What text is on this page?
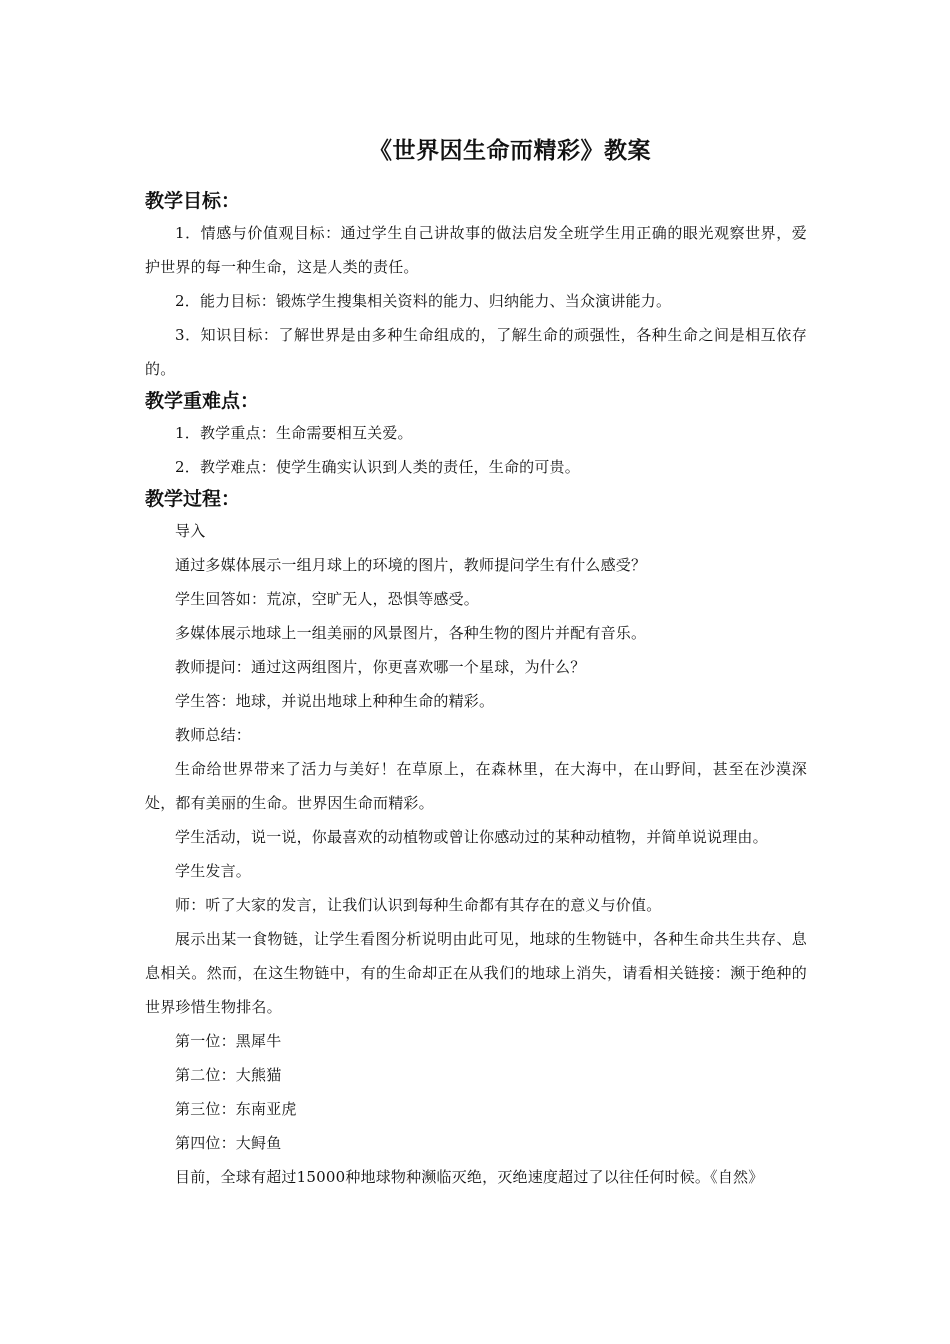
《世界因生命而精彩》教案
教学目标：

1．情感与价值观目标：通过学生自己讲故事的做法启发全班学生用正确的眼光观察世界，爱护世界的每一种生命，这是人类的责任。

2．能力目标：锻炼学生搜集相关资料的能力、归纳能力、当众演讲能力。

3．知识目标：了解世界是由多种生命组成的，了解生命的顽强性，各种生命之间是相互依存的。

教学重难点：

1．教学重点：生命需要相互关爱。

2．教学难点：使学生确实认识到人类的责任，生命的可贵。

教学过程：

导入

通过多媒体展示一组月球上的环境的图片，教师提问学生有什么感受？

学生回答如：荒凉，空旷无人，恐惧等感受。

多媒体展示地球上一组美丽的风景图片，各种生物的图片并配有音乐。

教师提问：通过这两组图片，你更喜欢哪一个星球，为什么？

学生答：地球，并说出地球上种种生命的精彩。

教师总结：

生命给世界带来了活力与美好！在草原上，在森林里，在大海中，在山野间，甚至在沙漠深处，都有美丽的生命。世界因生命而精彩。

学生活动，说一说，你最喜欢的动植物或曾让你感动过的某种动植物，并简单说说理由。

学生发言。

师：听了大家的发言，让我们认识到每种生命都有其存在的意义与价值。

展示出某一食物链，让学生看图分析说明由此可见，地球的生物链中，各种生命共生共存、息息相关。然而，在这生物链中，有的生命却正在从我们的地球上消失，请看相关链接：濒于绝种的世界珍惜生物排名。

第一位：黑犀牛

第二位：大熊猫

第三位：东南亚虎

第四位：大鲟鱼

目前，全球有超过15000种地球物种濒临灭绝，灭绝速度超过了以往任何时候。《自然》
